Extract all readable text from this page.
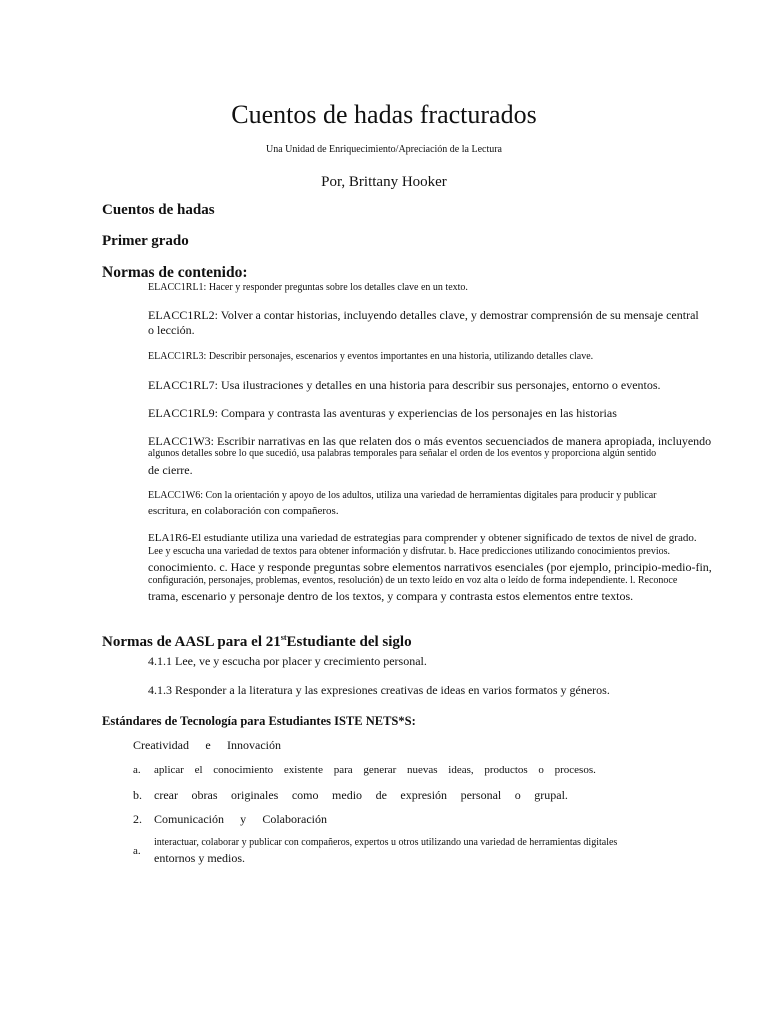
Cuentos de hadas fracturados
Una Unidad de Enriquecimiento/Apreciación de la Lectura
Por, Brittany Hooker
Cuentos de hadas
Primer grado
Normas de contenido:
ELACC1RL1: Hacer y responder preguntas sobre los detalles clave en un texto.
ELACC1RL2: Volver a contar historias, incluyendo detalles clave, y demostrar comprensión de su mensaje central
o lección.
ELACC1RL3: Describir personajes, escenarios y eventos importantes en una historia, utilizando detalles clave.
ELACC1RL7: Usa ilustraciones y detalles en una historia para describir sus personajes, entorno o eventos.
ELACC1RL9: Compara y contrasta las aventuras y experiencias de los personajes en las historias
ELACC1W3: Escribir narrativas en las que relaten dos o más eventos secuenciados de manera apropiada, incluyendo
algunos detalles sobre lo que sucedió, usa palabras temporales para señalar el orden de los eventos y proporciona algún sentido
de cierre.
ELACC1W6: Con la orientación y apoyo de los adultos, utiliza una variedad de herramientas digitales para producir y publicar
escritura, en colaboración con compañeros.
ELA1R6-El estudiante utiliza una variedad de estrategias para comprender y obtener significado de textos de nivel de grado.
Lee y escucha una variedad de textos para obtener información y disfrutar. b. Hace predicciones utilizando conocimientos previos.
conocimiento. c. Hace y responde preguntas sobre elementos narrativos esenciales (por ejemplo, principio-medio-fin,
configuración, personajes, problemas, eventos, resolución) de un texto leído en voz alta o leído de forma independiente. l. Reconoce
trama, escenario y personaje dentro de los textos, y compara y contrasta estos elementos entre textos.
Normas de AASL para el 21stEstudiante del siglo
4.1.1 Lee, ve y escucha por placer y crecimiento personal.
4.1.3 Responder a la literatura y las expresiones creativas de ideas en varios formatos y géneros.
Estándares de Tecnología para Estudiantes ISTE NETS*S:
Creatividad e Innovación
a. aplicar el conocimiento existente para generar nuevas ideas, productos o procesos.
b. crear obras originales como medio de expresión personal o grupal.
2. Comunicación y Colaboración
a.
interactuar, colaborar y publicar con compañeros, expertos u otros utilizando una variedad de herramientas digitales
entornos y medios.
